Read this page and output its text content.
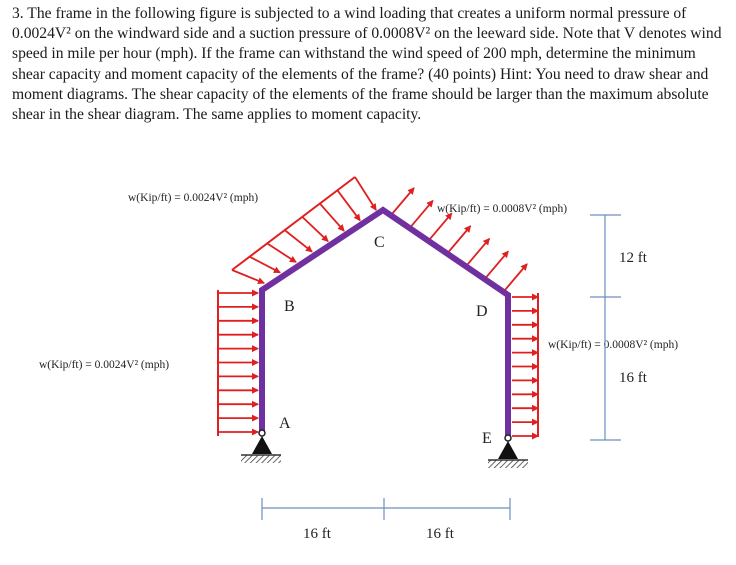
3. The frame in the following figure is subjected to a wind loading that creates a uniform normal pressure of 0.0024V² on the windward side and a suction pressure of 0.0008V² on the leeward side. Note that V denotes wind speed in mile per hour (mph). If the frame can withstand the wind speed of 200 mph, determine the minimum shear capacity and moment capacity of the elements of the frame? (40 points) Hint: You need to draw shear and moment diagrams. The shear capacity of the elements of the frame should be larger than the maximum absolute shear in the shear diagram. The same applies to moment capacity.

w(Kip/ft) = 0.0024V² (mph)
w(Kip/ft) = 0.0008V² (mph)
w(Kip/ft) = 0.0024V² (mph)
w(Kip/ft) = 0.0008V² (mph)
B
C
D
A
E
12 ft
16 ft
16 ft	16 ft
